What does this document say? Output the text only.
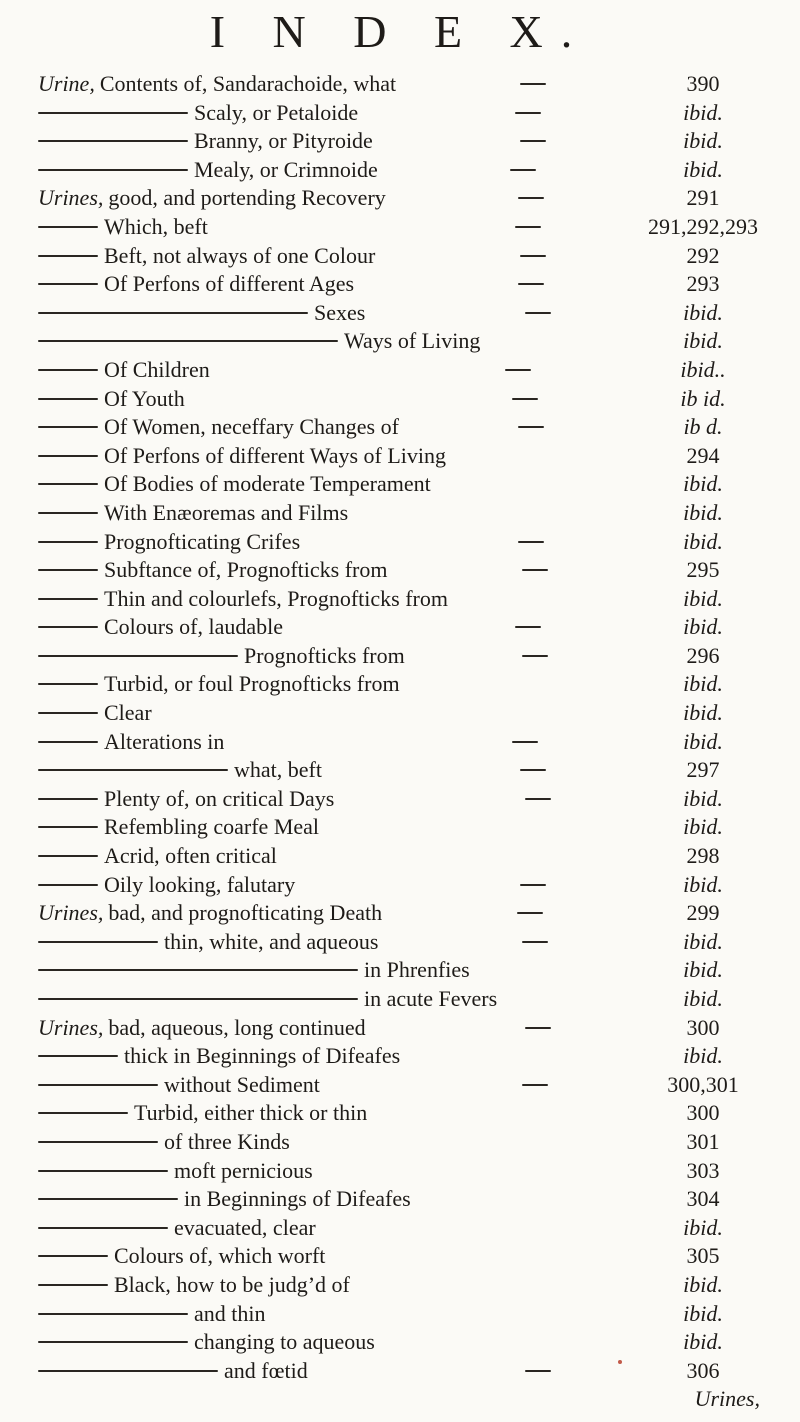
I N D E X.
Urine, Contents of, Sandarachoide, what	390
Scaly, or Petaloide	ibid.
Branny, or Pityroide	ibid.
Mealy, or Crimnoide	ibid.
Urines, good, and portending Recovery	291
Which, beft	291,292,293
Beft, not always of one Colour	292
Of Perfons of different Ages	293
Sexes	ibid.
Ways of Living	ibid.
Of Children	ibid..
Of Youth	ib id.
Of Women, neceffary Changes of	ib d.
Of Perfons of different Ways of Living	294
Of Bodies of moderate Temperament	ibid.
With Enæoremas and Films	ibid.
Prognofticating Crifes	ibid.
Subftance of, Prognofticks from	295
Thin and colourlefs, Prognofticks from	ibid.
Colours of, laudable	ibid.
Prognofticks from	296
Turbid, or foul Prognofticks from	ibid.
Clear	ibid.
Alterations in	ibid.
what, beft	297
Plenty of, on critical Days	ibid.
Refembling coarfe Meal	ibid.
Acrid, often critical	298
Oily looking, falutary	ibid.
Urines, bad, and prognofticating Death	299
thin, white, and aqueous	ibid.
in Phrenfies	ibid.
in acute Fevers	ibid.
Urines, bad, aqueous, long continued	300
thick in Beginnings of Difeafes	ibid.
without Sediment	300,301
Turbid, either thick or thin	300
of three Kinds	301
moft pernicious	303
in Beginnings of Difeafes	304
evacuated, clear	ibid.
Colours of, which worft	305
Black, how to be judg’d of	ibid.
and thin	ibid.
changing to aqueous	ibid.
and fœtid	306
Urines,
